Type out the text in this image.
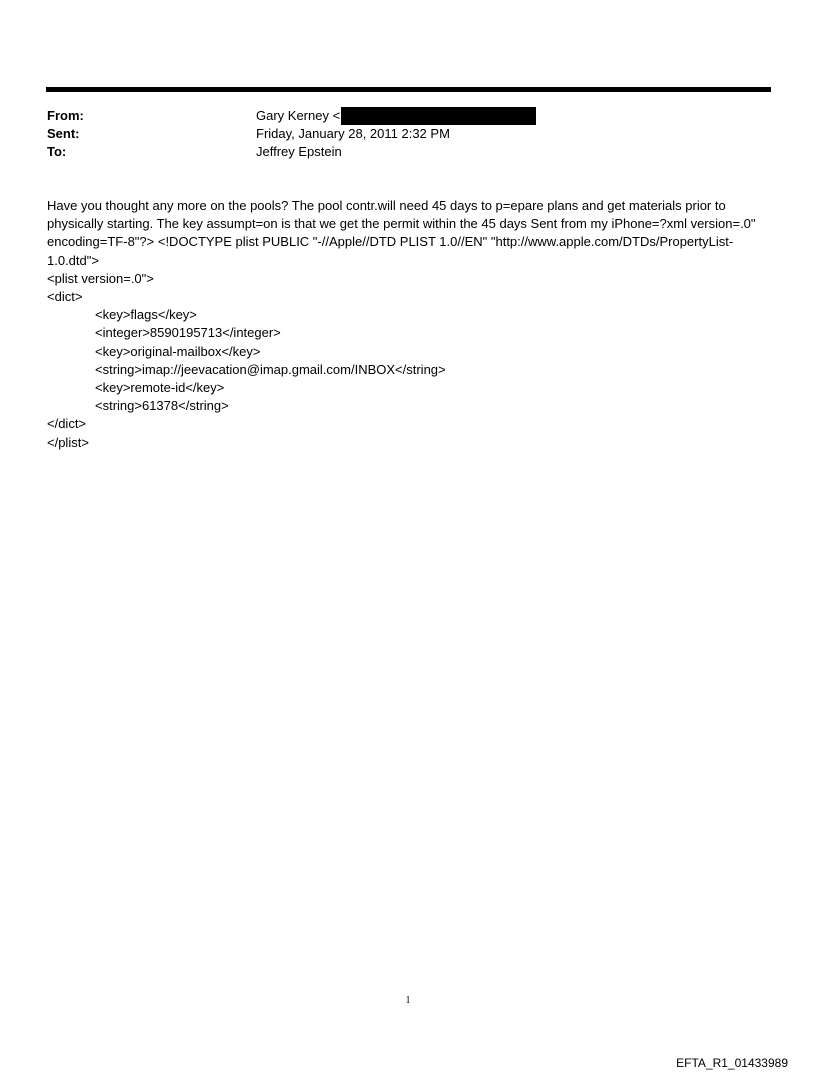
From:	Gary Kerney <
Sent:	Friday, January 28, 2011 2:32 PM
To:	Jeffrey Epstein

Have you thought any more on the pools? The pool contr.will need 45 days to p=epare plans and get materials prior to physically starting. The key assumpt=on is that we get the permit within the 45 days Sent from my iPhone=?xml version=.0" encoding=TF-8"?> <!DOCTYPE plist PUBLIC "-//Apple//DTD PLIST 1.0//EN" "http://www.apple.com/DTDs/PropertyList-1.0.dtd">

<plist version=.0">

<dict>

<key>flags</key>

<integer>8590195713</integer>

<key>original-mailbox</key>

<string>imap://jeevacation@imap.gmail.com/INBOX</string>

<key>remote-id</key>

<string>61378</string>

</dict>

</plist>

1
EFTA_R1_01433989
